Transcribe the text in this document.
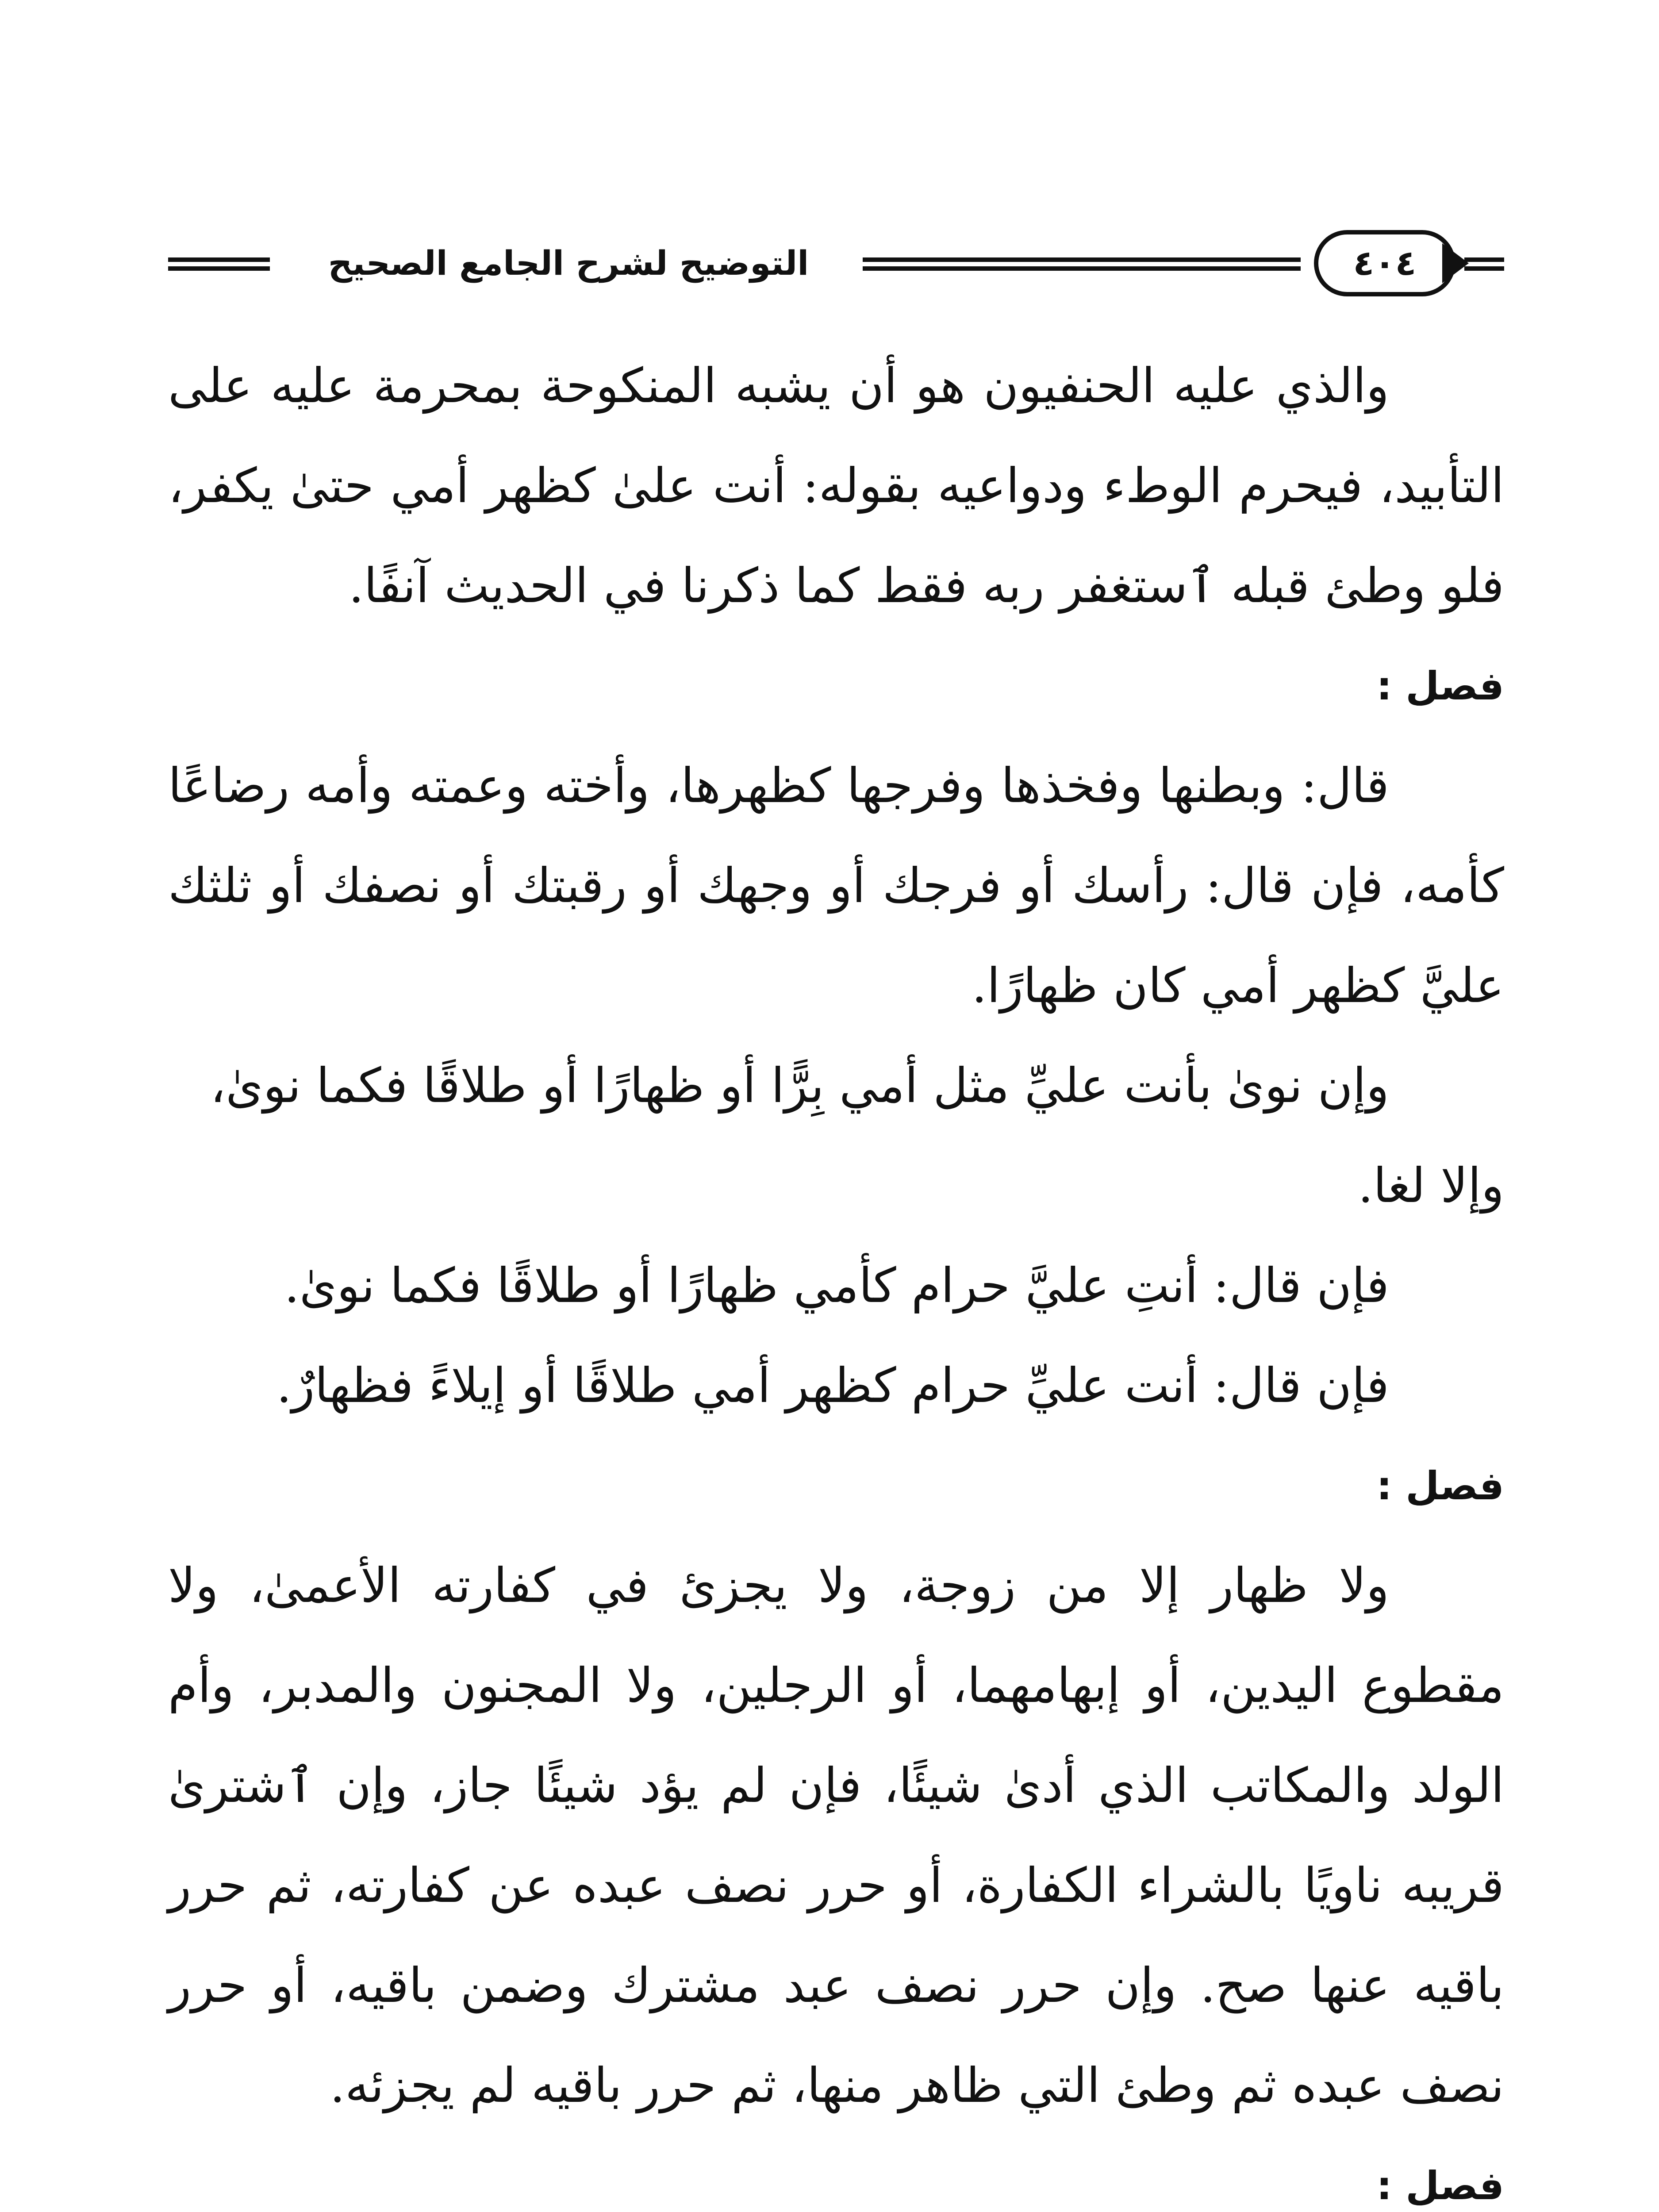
التوضيح لشرح الجامع الصحيح	٤٠٤

والذي عليه الحنفيون هو أن يشبه المنكوحة بمحرمة عليه على التأبيد، فيحرم الوطء ودواعيه بقوله: أنت علىٰ كظهر أمي حتىٰ يكفر، فلو وطئ قبله ٱستغفر ربه فقط كما ذكرنا في الحديث آنفًا.

فصل :

قال: وبطنها وفخذها وفرجها كظهرها، وأخته وعمته وأمه رضاعًا كأمه، فإن قال: رأسك أو فرجك أو وجهك أو رقبتك أو نصفك أو ثلثك عليَّ كظهر أمي كان ظهارًا.

وإن نوىٰ بأنت عليِّ مثل أمي بِرًّا أو ظهارًا أو طلاقًا فكما نوىٰ، وإلا لغا.

فإن قال: أنتِ عليَّ حرام كأمي ظهارًا أو طلاقًا فكما نوىٰ.

فإن قال: أنت عليِّ حرام كظهر أمي طلاقًا أو إيلاءً فظهارٌ.

فصل :

ولا ظهار إلا من زوجة، ولا يجزئ في كفارته الأعمىٰ، ولا مقطوع اليدين، أو إبهامهما، أو الرجلين، ولا المجنون والمدبر، وأم الولد والمكاتب الذي أدىٰ شيئًا، فإن لم يؤد شيئًا جاز، وإن ٱشترىٰ قريبه ناويًا بالشراء الكفارة، أو حرر نصف عبده عن كفارته، ثم حرر باقيه عنها صح. وإن حرر نصف عبد مشترك وضمن باقيه، أو حرر نصف عبده ثم وطئ التي ظاهر منها، ثم حرر باقيه لم يجزئه.

فصل :
